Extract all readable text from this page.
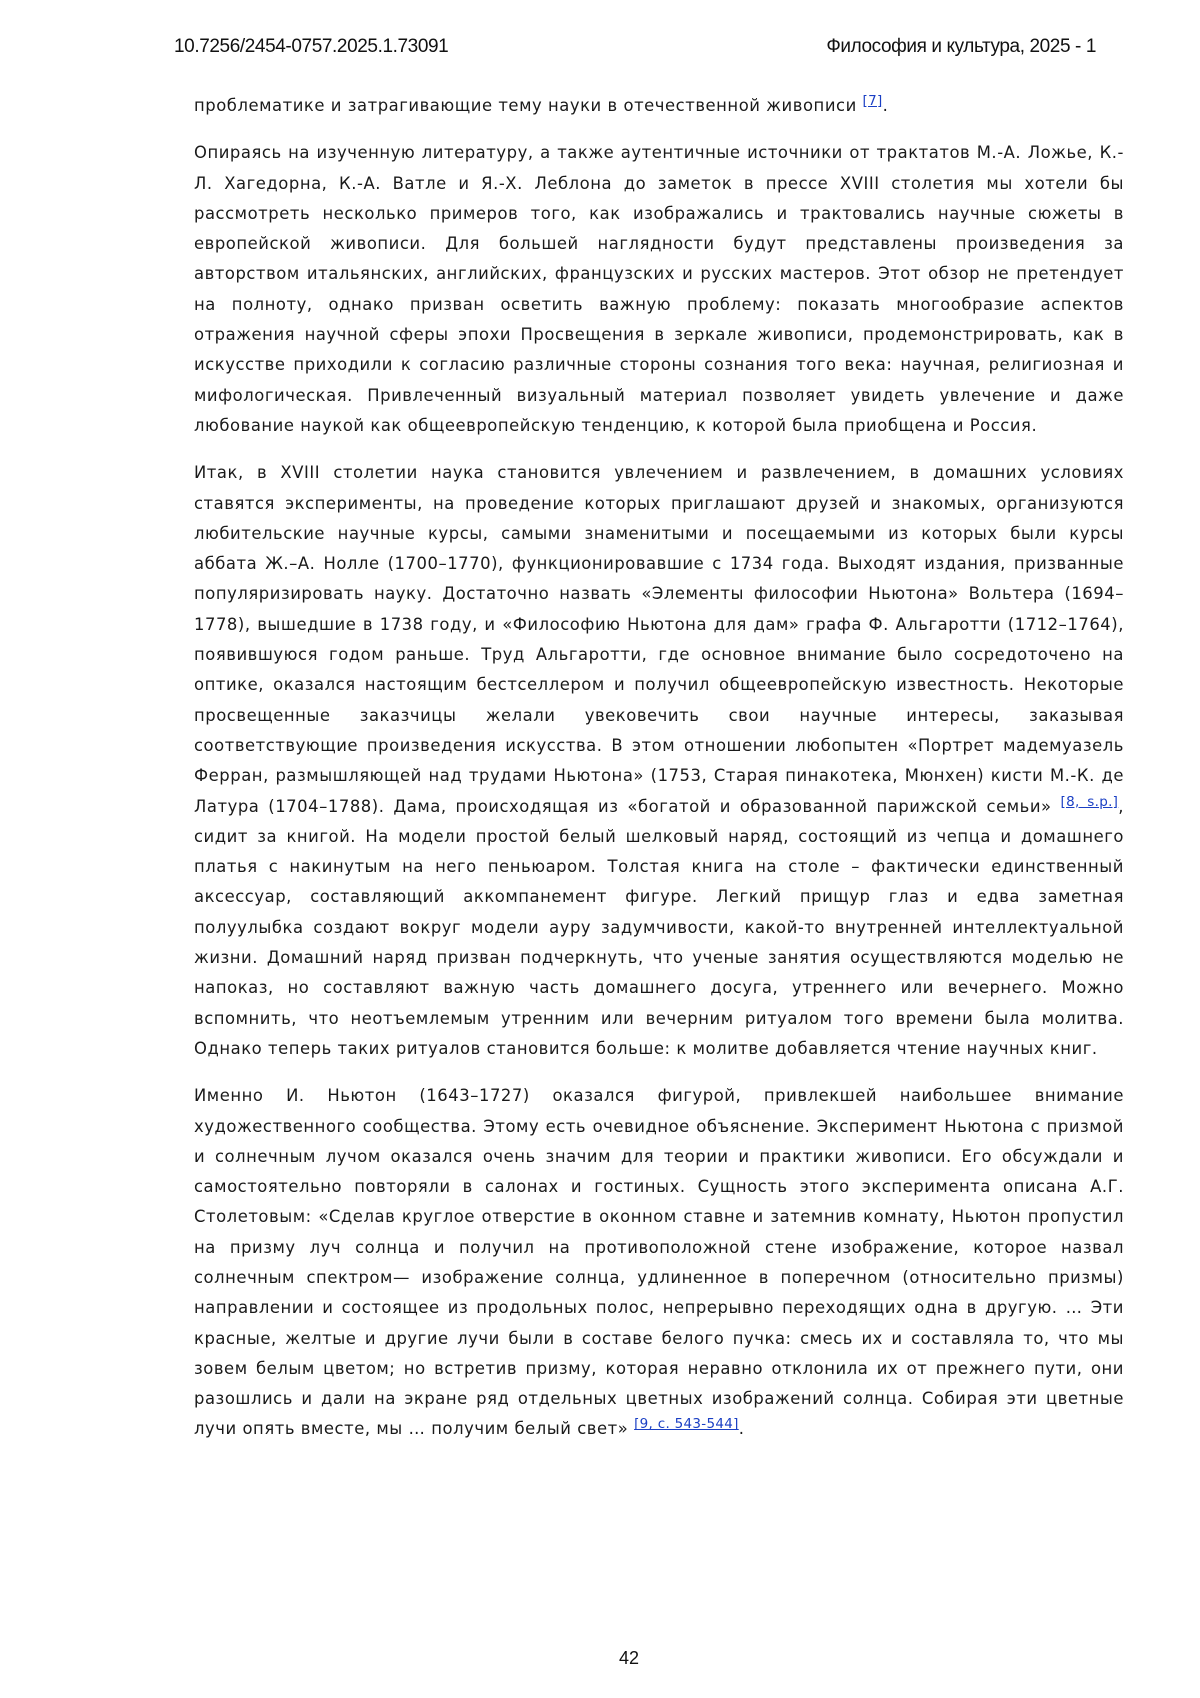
10.7256/2454-0757.2025.1.73091	Философия и культура, 2025 - 1

проблематике и затрагивающие тему науки в отечественной живописи [7].

Опираясь на изученную литературу, а также аутентичные источники от трактатов М.-А. Ложье, К.-Л. Хагедорна, К.-А. Ватле и Я.-Х. Леблона до заметок в прессе XVIII столетия мы хотели бы рассмотреть несколько примеров того, как изображались и трактовались научные сюжеты в европейской живописи. Для большей наглядности будут представлены произведения за авторством итальянских, английских, французских и русских мастеров. Этот обзор не претендует на полноту, однако призван осветить важную проблему: показать многообразие аспектов отражения научной сферы эпохи Просвещения в зеркале живописи, продемонстрировать, как в искусстве приходили к согласию различные стороны сознания того века: научная, религиозная и мифологическая. Привлеченный визуальный материал позволяет увидеть увлечение и даже любование наукой как общеевропейскую тенденцию, к которой была приобщена и Россия.

Итак, в XVIII столетии наука становится увлечением и развлечением, в домашних условиях ставятся эксперименты, на проведение которых приглашают друзей и знакомых, организуются любительские научные курсы, самыми знаменитыми и посещаемыми из которых были курсы аббата Ж.–А. Нолле (1700–1770), функционировавшие с 1734 года. Выходят издания, призванные популяризировать науку. Достаточно назвать «Элементы философии Ньютона» Вольтера (1694–1778), вышедшие в 1738 году, и «Философию Ньютона для дам» графа Ф. Альгаротти (1712–1764), появившуюся годом раньше. Труд Альгаротти, где основное внимание было сосредоточено на оптике, оказался настоящим бестселлером и получил общеевропейскую известность. Некоторые просвещенные заказчицы желали увековечить свои научные интересы, заказывая соответствующие произведения искусства. В этом отношении любопытен «Портрет мадемуазель Ферран, размышляющей над трудами Ньютона» (1753, Старая пинакотека, Мюнхен) кисти М.-К. де Латура (1704–1788). Дама, происходящая из «богатой и образованной парижской семьи» [8, s.p.], сидит за книгой. На модели простой белый шелковый наряд, состоящий из чепца и домашнего платья с накинутым на него пеньюаром. Толстая книга на столе – фактически единственный аксессуар, составляющий аккомпанемент фигуре. Легкий прищур глаз и едва заметная полуулыбка создают вокруг модели ауру задумчивости, какой-то внутренней интеллектуальной жизни. Домашний наряд призван подчеркнуть, что ученые занятия осуществляются моделью не напоказ, но составляют важную часть домашнего досуга, утреннего или вечернего. Можно вспомнить, что неотъемлемым утренним или вечерним ритуалом того времени была молитва. Однако теперь таких ритуалов становится больше: к молитве добавляется чтение научных книг.

Именно И. Ньютон (1643–1727) оказался фигурой, привлекшей наибольшее внимание художественного сообщества. Этому есть очевидное объяснение. Эксперимент Ньютона с призмой и солнечным лучом оказался очень значим для теории и практики живописи. Его обсуждали и самостоятельно повторяли в салонах и гостиных. Сущность этого эксперимента описана А.Г. Столетовым: «Сделав круглое отверстие в оконном ставне и затемнив комнату, Ньютон пропустил на призму луч солнца и получил на противоположной стене изображение, которое назвал солнечным спектром— изображение солнца, удлиненное в поперечном (относительно призмы) направлении и состоящее из продольных полос, непрерывно переходящих одна в другую. … Эти красные, желтые и другие лучи были в составе белого пучка: смесь их и составляла то, что мы зовем белым цветом; но встретив призму, которая неравно отклонила их от прежнего пути, они разошлись и дали на экране ряд отдельных цветных изображений солнца. Собирая эти цветные лучи опять вместе, мы … получим белый свет» [9, с. 543-544].

42
